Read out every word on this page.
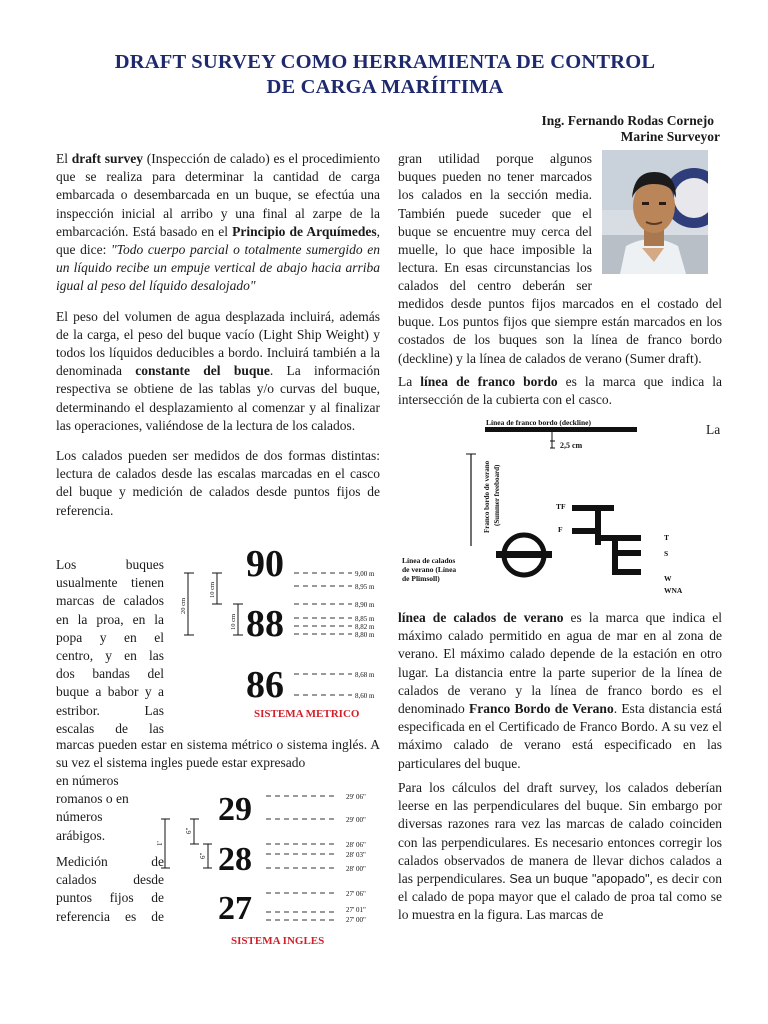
DRAFT SURVEY COMO HERRAMIENTA DE CONTROL
DE CARGA MARÍITIMA
Ing. Fernando Rodas Cornejo
Marine Surveyor

El draft survey (Inspección de calado) es el procedimiento que se realiza para determinar la cantidad de carga embarcada o desembarcada en un buque, se efectúa una inspección inicial al arribo y una final al zarpe de la embarcación. Está basado en el Principio de Arquímedes, que dice: "Todo cuerpo parcial o totalmente sumergido en un líquido recibe un empuje vertical de abajo hacia arriba igual al peso del líquido desalojado"

El peso del volumen de agua desplazada incluirá, además de la carga, el peso del buque vacío (Light Ship Weight) y todos los líquidos deducibles a bordo. Incluirá también a la denominada constante del buque. La información respectiva se obtiene de las tablas y/o curvas del buque, determinando el desplazamiento al comenzar y al finalizar las operaciones, valiéndose de la lectura de los calados.

Los calados pueden ser medidos de dos formas distintas: lectura de calados desde las escalas marcadas en el casco del buque y medición de calados desde puntos fijos de referencia.

Los buques
usualmente tienen
marcas de calados
en la proa, en la
popa y en el
centro, y en las
dos bandas del
buque a babor y a
estribor. Las
escalas de las
marcas pueden estar en sistema métrico o sistema inglés. A su vez el sistema ingles puede estar expresado
en números
romanos o en
números
arábigos.
Medición de
calados desde
puntos fijos de
referencia es de
90
88
86
9,00 m
8,95 m
8,90 m
8,85 m
8,82 m
8,80 m
8,68 m
8,60 m
20 cm
10 cm
10 cm
SISTEMA METRICO
29
28
27
29' 06"
29' 00"
28' 06"
28' 03"
28' 00"
27' 06"
27' 01"
27' 00"
1'
6"
6"
SISTEMA INGLES
gran utilidad porque algunos
buques pueden no tener marcados
los calados en la sección media.
También puede suceder que el
buque se encuentre muy cerca del
muelle, lo que hace imposible la
lectura. En esas circunstancias los
calados del centro deberán ser
medidos desde puntos fijos marcados en el costado del buque. Los puntos fijos que siempre están marcados en los costados de los buques son la línea de franco bordo (deckline) y la línea de calados de verano (Sumer draft).
La línea de franco bordo es la marca que indica la intersección de la cubierta con el casco.
La
Línea de franco bordo (deckline)
2,5 cm
Franco bordo de verano (Summer freeboard)
Línea de calados
de verano (Línea
de Plimsoll)
TF
F
T
S
W
WNA
línea de calados de verano es la marca que indica el máximo calado permitido en agua de mar en al zona de verano. El máximo calado depende de la estación en otro lugar. La distancia entre la parte superior de la línea de calados de verano y la línea de franco bordo es el denominado Franco Bordo de Verano. Esta distancia está especificada en el Certificado de Franco Bordo. A su vez el máximo calado de verano está especificado en las particulares del buque.
Para los cálculos del draft survey, los calados deberían leerse en las perpendiculares del buque. Sin embargo por diversas razones rara vez las marcas de calado coinciden con las perpendiculares. Es necesario entonces corregir los calados observados de manera de llevar dichos calados a las perpendiculares. Sea un buque "apopado", es decir con el calado de popa mayor que el calado de proa tal como se lo muestra en la figura. Las marcas de
